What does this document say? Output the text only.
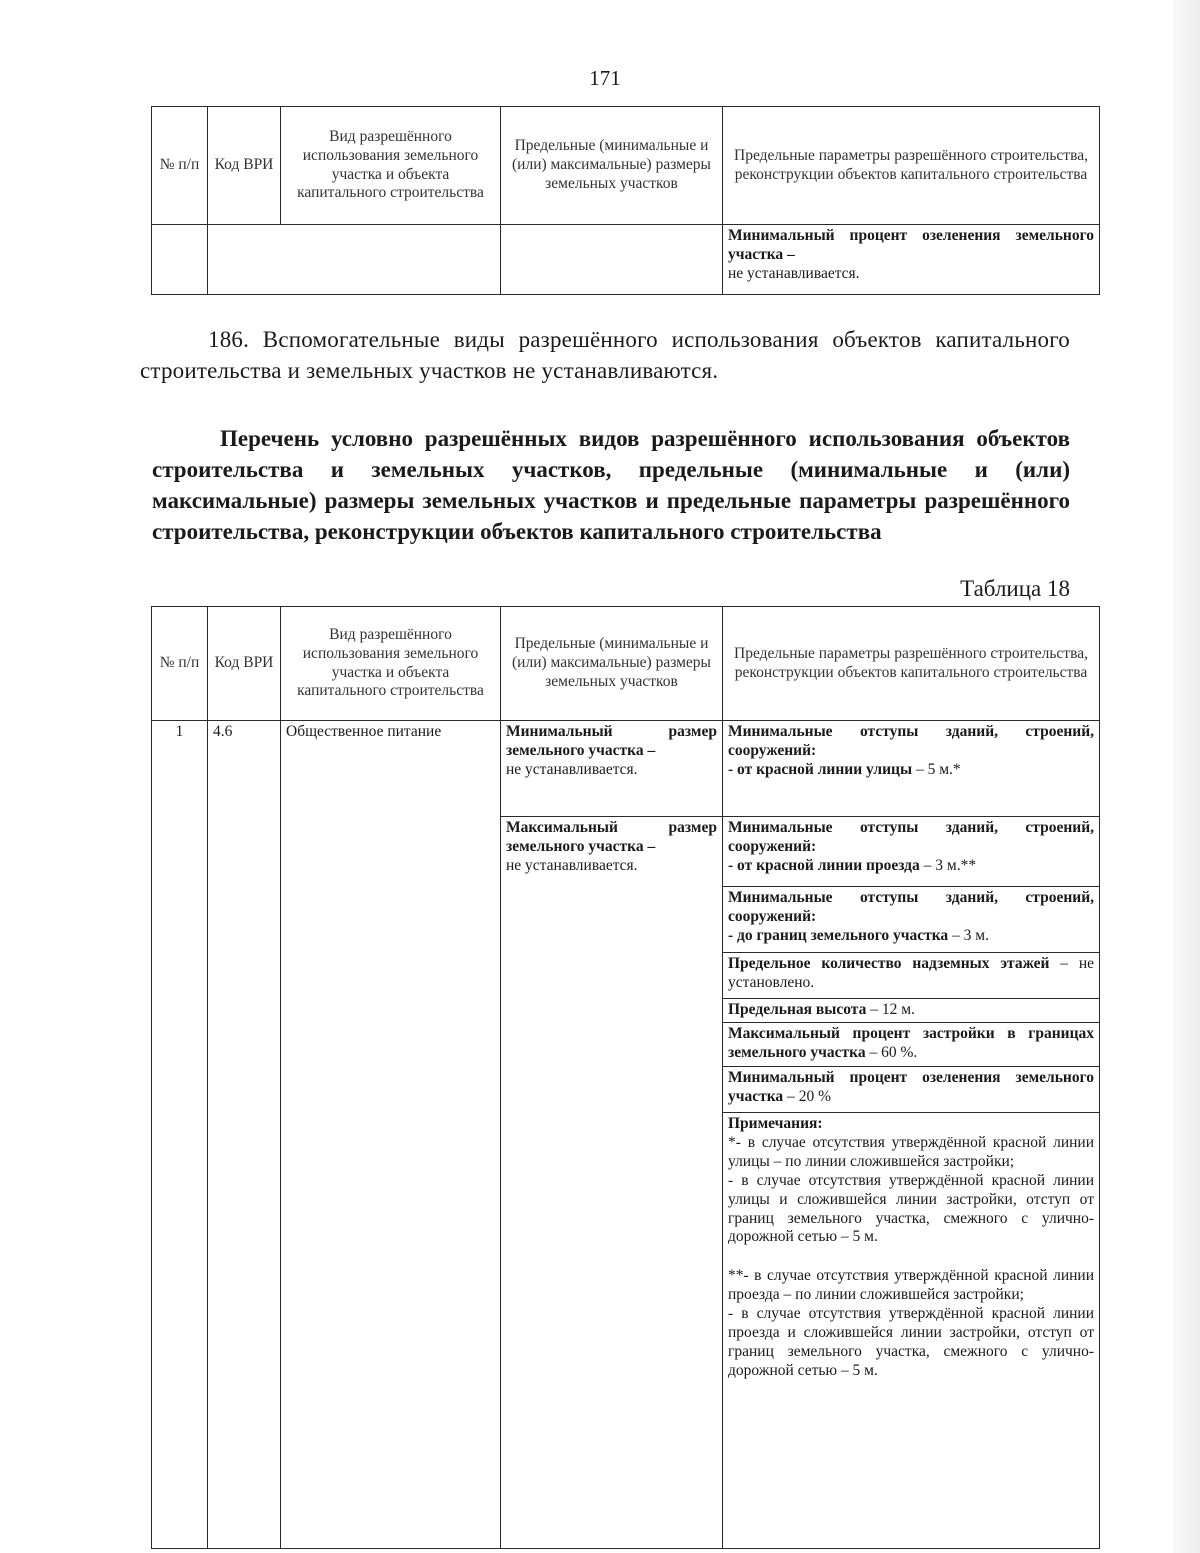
171
№ п/п	Код ВРИ	Вид разрешённого использования земельного участка и объекта капитального строительства	Предельные (минимальные и (или) максимальные) размеры земельных участков	Предельные параметры разрешённого строительства, реконструкции объектов капитального строительства
				Минимальный процент озеленения земельного участка –
не устанавливается.
186. Вспомогательные виды разрешённого использования объектов капитального строительства и земельных участков не устанавливаются.
Перечень условно разрешённых видов разрешённого использования объектов строительства и земельных участков, предельные (минимальные и (или) максимальные) размеры земельных участков и предельные параметры разрешённого строительства, реконструкции объектов капитального строительства
Таблица 18
№ п/п	Код ВРИ	Вид разрешённого использования земельного участка и объекта капитального строительства	Предельные (минимальные и (или) максимальные) размеры земельных участков	Предельные параметры разрешённого строительства, реконструкции объектов капитального строительства
1	4.6	Общественное питание	Минимальный размер земельного участка –
не устанавливается.	Минимальные отступы зданий, строений, сооружений:
- от красной линии улицы – 5 м.*
			Максимальный размер земельного участка –
не устанавливается.	Минимальные отступы зданий, строений, сооружений:
- от красной линии проезда – 3 м.**
				Минимальные отступы зданий, строений, сооружений:
- до границ земельного участка – 3 м.
				Предельное количество надземных этажей – не установлено.
				Предельная высота – 12 м.
				Максимальный процент застройки в границах земельного участка – 60 %.
				Минимальный процент озеленения земельного участка – 20 %

				Примечания:

*- в случае отсутствия утверждённой красной линии улицы – по линии сложившейся застройки;

- в случае отсутствия утверждённой красной линии улицы и сложившейся линии застройки, отступ от границ земельного участка, смежного с улично-дорожной сетью – 5 м.

**- в случае отсутствия утверждённой красной линии проезда – по линии сложившейся застройки;

- в случае отсутствия утверждённой красной линии проезда и сложившейся линии застройки, отступ от границ земельного участка, смежного с улично-дорожной сетью – 5 м.
